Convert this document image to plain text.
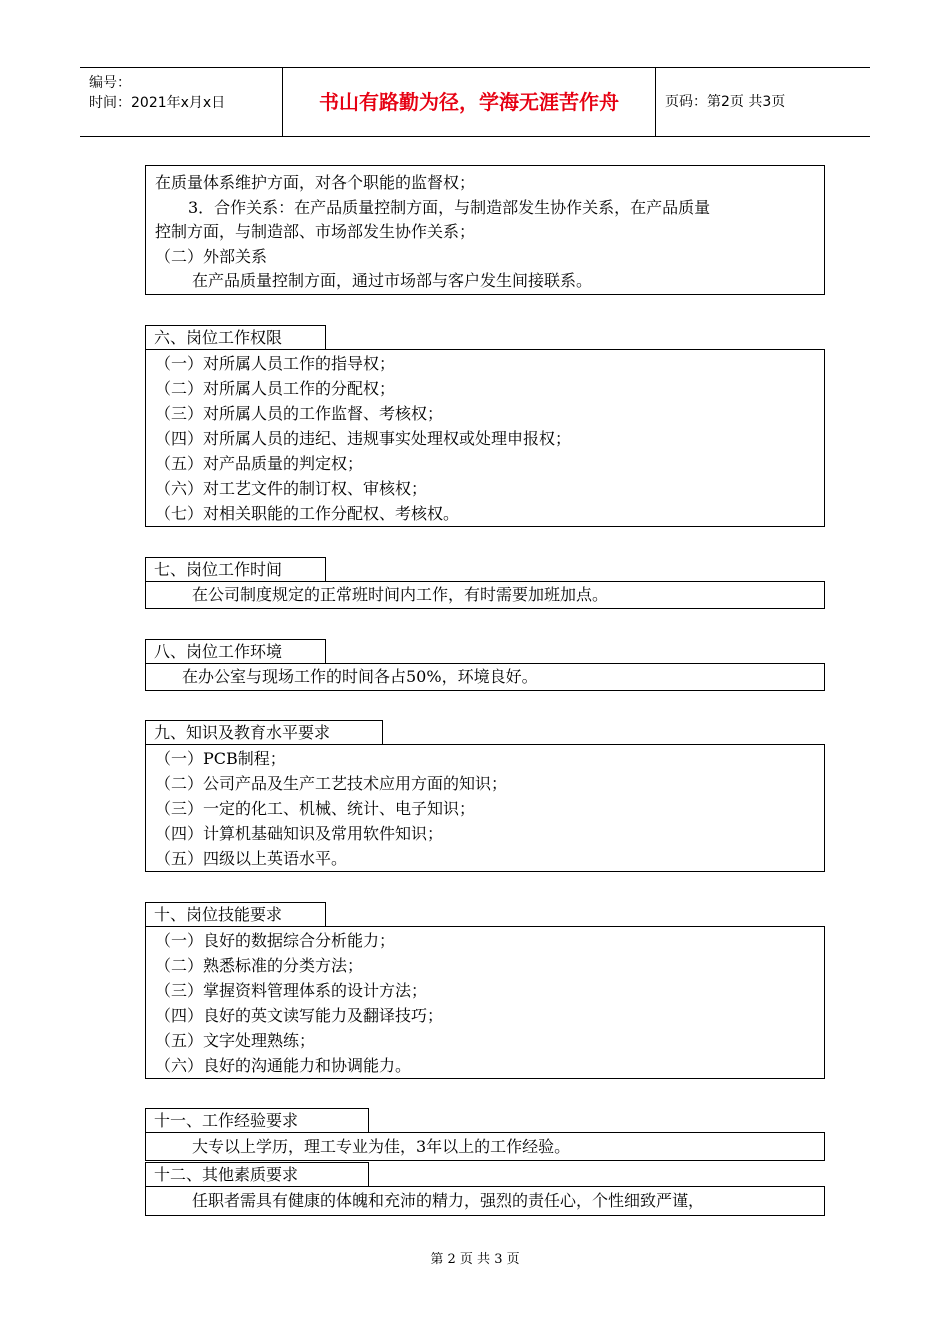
编号：
时间：2021年x月x日	书山有路勤为径，学海无涯苦作舟	页码：第2页 共3页
在质量体系维护方面，对各个职能的监督权；
3．合作关系：在产品质量控制方面，与制造部发生协作关系，在产品质量
控制方面，与制造部、市场部发生协作关系；
（二）外部关系
在产品质量控制方面，通过市场部与客户发生间接联系。
六、岗位工作权限
（一）对所属人员工作的指导权；
（二）对所属人员工作的分配权；
（三）对所属人员的工作监督、考核权；
（四）对所属人员的违纪、违规事实处理权或处理申报权；
（五）对产品质量的判定权；
（六）对工艺文件的制订权、审核权；
（七）对相关职能的工作分配权、考核权。
七、岗位工作时间
在公司制度规定的正常班时间内工作，有时需要加班加点。
八、岗位工作环境
在办公室与现场工作的时间各占50%，环境良好。
九、知识及教育水平要求
（一）PCB制程；
（二）公司产品及生产工艺技术应用方面的知识；
（三）一定的化工、机械、统计、电子知识；
（四）计算机基础知识及常用软件知识；
（五）四级以上英语水平。
十、岗位技能要求
（一）良好的数据综合分析能力；
（二）熟悉标准的分类方法；
（三）掌握资料管理体系的设计方法；
（四）良好的英文读写能力及翻译技巧；
（五）文字处理熟练；
（六）良好的沟通能力和协调能力。
十一、工作经验要求
大专以上学历，理工专业为佳，3年以上的工作经验。
十二、其他素质要求
任职者需具有健康的体魄和充沛的精力，强烈的责任心，个性细致严谨，
第 2 页 共 3 页
